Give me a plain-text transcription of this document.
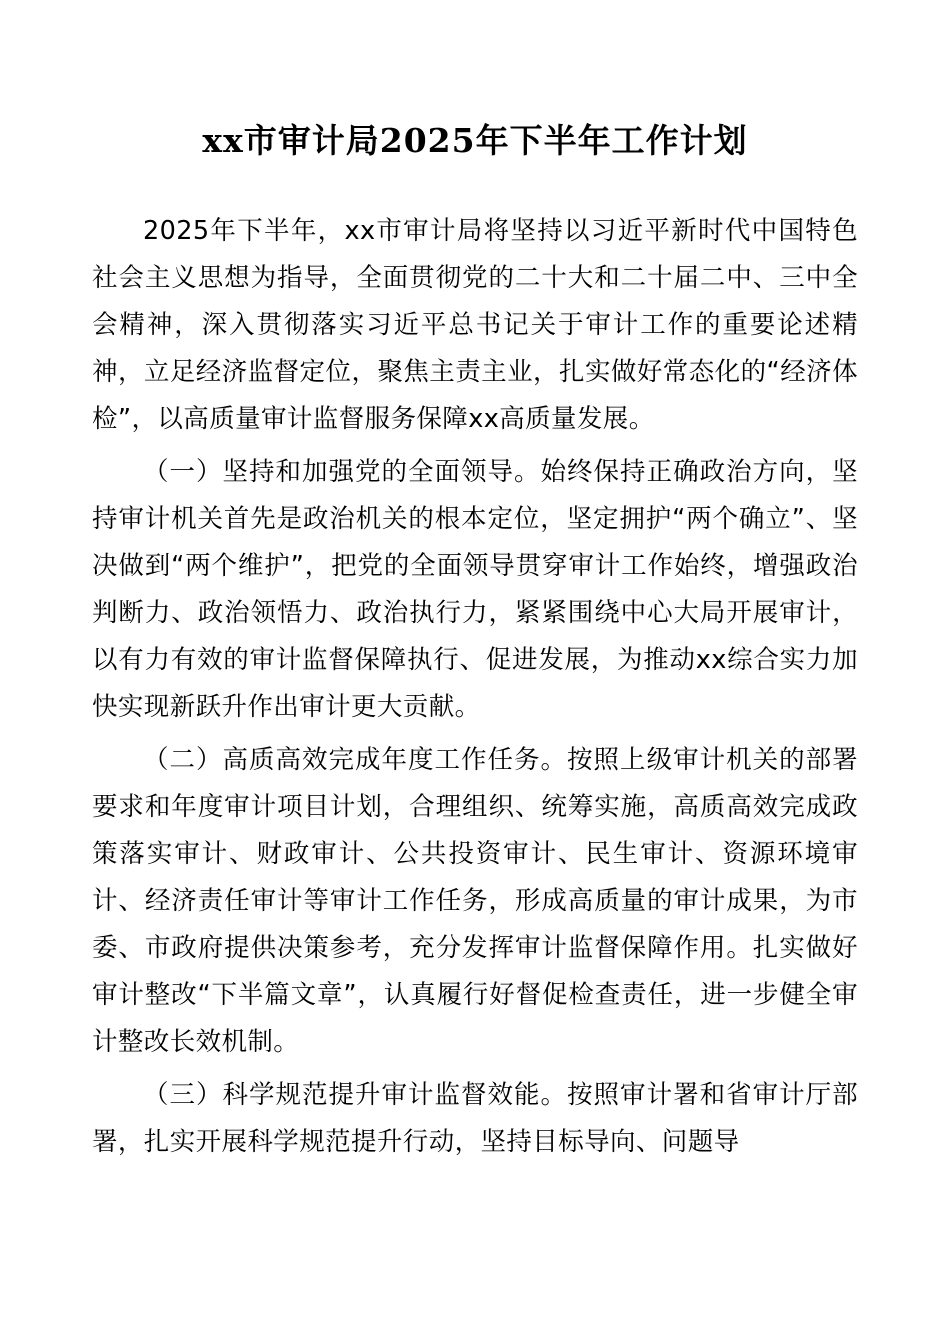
xx市审计局2025年下半年工作计划

2025年下半年，xx市审计局将坚持以习近平新时代中国特色社会主义思想为指导，全面贯彻党的二十大和二十届二中、三中全会精神，深入贯彻落实习近平总书记关于审计工作的重要论述精神，立足经济监督定位，聚焦主责主业，扎实做好常态化的“经济体检”，以高质量审计监督服务保障xx高质量发展。

（一）坚持和加强党的全面领导。始终保持正确政治方向，坚持审计机关首先是政治机关的根本定位，坚定拥护“两个确立”、坚决做到“两个维护”，把党的全面领导贯穿审计工作始终，增强政治判断力、政治领悟力、政治执行力，紧紧围绕中心大局开展审计，以有力有效的审计监督保障执行、促进发展，为推动xx综合实力加快实现新跃升作出审计更大贡献。

（二）高质高效完成年度工作任务。按照上级审计机关的部署要求和年度审计项目计划，合理组织、统筹实施，高质高效完成政策落实审计、财政审计、公共投资审计、民生审计、资源环境审计、经济责任审计等审计工作任务，形成高质量的审计成果，为市委、市政府提供决策参考，充分发挥审计监督保障作用。扎实做好审计整改“下半篇文章”，认真履行好督促检查责任，进一步健全审计整改长效机制。

（三）科学规范提升审计监督效能。按照审计署和省审计厅部署，扎实开展科学规范提升行动，坚持目标导向、问题导
